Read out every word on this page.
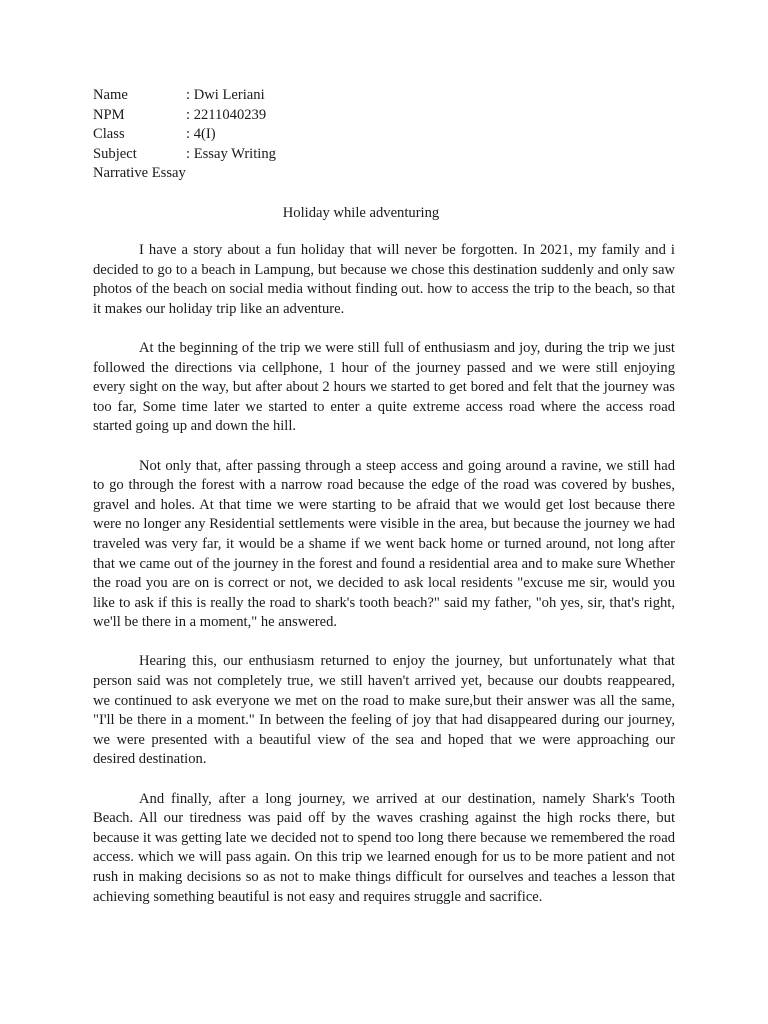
Name	: Dwi Leriani
NPM	: 2211040239
Class	: 4(I)
Subject	: Essay Writing
Narrative Essay
Holiday while adventuring

I have a story about a fun holiday that will never be forgotten. In 2021, my family and i decided to go to a beach in Lampung, but because we chose this destination suddenly and only saw photos of the beach on social media without finding out. how to access the trip to the beach, so that it makes our holiday trip like an adventure.

At the beginning of the trip we were still full of enthusiasm and joy, during the trip we just followed the directions via cellphone, 1 hour of the journey passed and we were still enjoying every sight on the way, but after about 2 hours we started to get bored and felt that the journey was too far, Some time later we started to enter a quite extreme access road where the access road started going up and down the hill.

Not only that, after passing through a steep access and going around a ravine, we still had to go through the forest with a narrow road because the edge of the road was covered by bushes, gravel and holes. At that time we were starting to be afraid that we would get lost because there were no longer any Residential settlements were visible in the area, but because the journey we had traveled was very far, it would be a shame if we went back home or turned around, not long after that we came out of the journey in the forest and found a residential area and to make sure Whether the road you are on is correct or not, we decided to ask local residents "excuse me sir, would you like to ask if this is really the road to shark's tooth beach?" said my father, "oh yes, sir, that's right, we'll be there in a moment," he answered.

Hearing this, our enthusiasm returned to enjoy the journey, but unfortunately what that person said was not completely true, we still haven't arrived yet, because our doubts reappeared, we continued to ask everyone we met on the road to make sure,but their answer was all the same, "I'll be there in a moment." In between the feeling of joy that had disappeared during our journey, we were presented with a beautiful view of the sea and hoped that we were approaching our desired destination.

And finally, after a long journey, we arrived at our destination, namely Shark's Tooth Beach. All our tiredness was paid off by the waves crashing against the high rocks there, but because it was getting late we decided not to spend too long there because we remembered the road access. which we will pass again. On this trip we learned enough for us to be more patient and not rush in making decisions so as not to make things difficult for ourselves and teaches a lesson that achieving something beautiful is not easy and requires struggle and sacrifice.
